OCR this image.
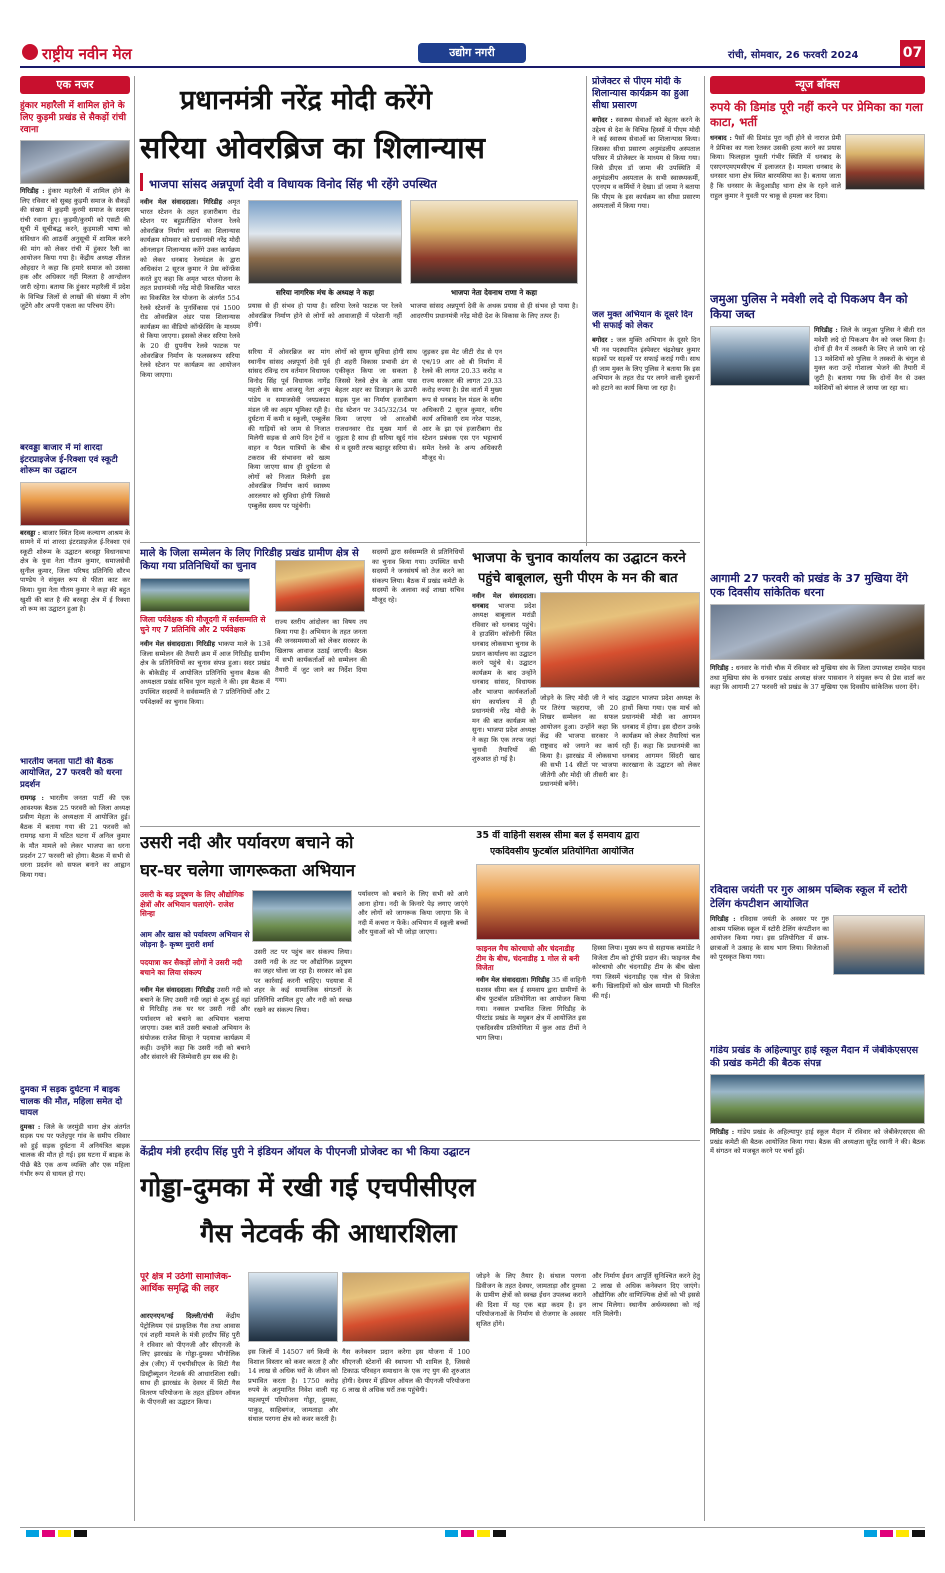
राष्ट्रीय नवीन मेल	उद्योग नगरी	रांची, सोमवार, 26 फरवरी 2024	07
एक नजर
हुंकार महारैली में शामिल होने के लिए कुड़मी प्रखंड से सैकड़ों रांची रवाना
गिरिडीह : हुंकार महारैली में शामिल होने के लिए रविवार को सुबह कुड़मी समाज के सैकड़ों की संख्या में कुड़मी कुरमी समाज के सदस्य रांची रवाना हुए। कुड़मी/कुरमी को एसटी की सूची में सूचीबद्ध करने, कुड़माली भाषा को संविधान की आठवीं अनुसूची में शामिल करने की मांग को लेकर रांची में हुंकार रैली का आयोजन किया गया है। केंद्रीय अध्यक्ष शीतल ओहदार ने कहा कि हमारे समाज को उसका हक और अधिकार नहीं मिलता है आन्दोलन जारी रहेगा। बताया कि हुंकार महारैली में प्रदेश के विभिन्न जिलों से लाखों की संख्या में लोग जुटेंगे और अपनी एकता का परिचय देंगे।
बरवड्डा बाजार में मां शारदा इंटरप्राइजेज ई-रिक्शा एवं स्कूटी शोरूम का उद्घाटन
बरवड्डा : बाजार स्थित दिव्य कल्याण आश्रम के सामने में मां शारदा इंटरप्राइजेज ई-रिक्शा एवं स्कूटी शोरूम के उद्घाटन बरवड्डा विधानसभा क्षेत्र के युवा नेता गौतम कुमार, समाजसेवी सुनील कुमार, जिला परिषद प्रतिनिधि सौरभ पाण्डेय ने संयुक्त रूप से फीता काट कर किया। युवा नेता गौतम कुमार ने कहा की बहुत खुशी की बात है की बरवड्डा क्षेत्र में ई रिक्शा शो रूम का उद्घाटन हुआ है।
भारतीय जनता पार्टी की बैठक आयोजित, 27 फरवरी को धरना प्रदर्शन
रामगढ़ : भारतीय जनता पार्टी की एक आवश्यक बैठक 25 फरवरी को जिला अध्यक्ष प्रवीण मेहता के अध्यक्षता में आयोजित हुई। बैठक में बताया गया की 21 फरवरी को रामगढ़ थाना में घटित घटना में अनिल कुमार के मौत मामले को लेकर भाजपा का धरना प्रदर्शन 27 फरवरी को होगा। बैठक में सभी से धरना प्रदर्शन को सफल बनाने का आह्वान किया गया।
दुमका में सड़क दुर्घटना में बाइक चालक की मौत, महिला समेत दो घायल
दुमका : जिले के जरमुंडी थाना क्षेत्र अंतर्गत सड़क पथ पर फतेहपुर गांव के समीप रविवार को हुई सड़क दुर्घटना में अनियंत्रित बाइक चालक की मौत हो गई। इस घटना में बाइक के पीछे बैठे एक अन्य व्यक्ति और एक महिला गंभीर रूप से घायल हो गए।
प्रधानमंत्री नरेंद्र मोदी करेंगे
सरिया ओवरब्रिज का शिलान्यास
भाजपा सांसद अन्नपूर्णा देवी व विधायक विनोद सिंह भी रहेंगे उपस्थित
नवीन मेल संवाददाता। गिरिडीह अमृत भारत स्टेशन के तहत हजारीबाग रोड स्टेशन पर बहुप्रतीक्षित योजना रेलवे ओवरब्रिज निर्माण कार्य का शिलान्यास कार्यक्रम सोमवार को प्रधानमंत्री नरेंद्र मोदी ऑनलाइन शिलान्यास करेंगे उक्त कार्यक्रम को लेकर धनबाद रेलमंडल के द्वारा अधिकांश 2 सूरज कुमार ने प्रेस कॉन्फ्रेंस करते हुए कहा कि अमृत भारत योजना के तहत प्रधानमंत्री नरेंद्र मोदी विकसित भारत का विकसित रेल योजना के अंतर्गत 554 रेलवे स्टेशनों के पुनर्विकास एवं 1500 रोड ओवरब्रिज अंडर पास शिलान्यास कार्यक्रम का वीडियो कॉन्फ्रेंसिंग के माध्यम से किया जाएगा। इसको लेकर सरिया रेलवे के 20 दी ग्रुपनीय रेलवे फाटक पर ओवरब्रिज निर्माण के फलस्वरूप सरिया रेलवे स्टेशन पर कार्यक्रम का आयोजन किया जाएगा।
सरिया नागरिक मंच के अध्यक्ष ने कहा	भाजपा नेता देवनाथ राणा ने कहा
प्रयास से ही संभव हो पाया है। सरिया रेलवे फाटक पर रेलवे ओवरब्रिज निर्माण होने से लोगों को आवाजाही में परेशानी नहीं होगी।
भाजपा सांसद अन्नपूर्णा देवी के अथक प्रयास से ही संभव हो पाया है। आदरणीय प्रधानमंत्री नरेंद्र मोदी देश के विकास के लिए तत्पर हैं।
सरिया में ओवरब्रिज का मांग स्थानीय सांसद अन्नपूर्णा देवी पूर्व सांसद रविन्द्र राय वर्तमान विधायक विनोद सिंह पूर्व विधायक नागेंद्र महतो के साथ आजसू नेता अनूप पांडेय व समाजसेवी जयप्रकाश मंडल जी का अहम भूमिका रही है। दुर्घटना में कमी व स्कूली, एम्बुलेंस की गाड़ियों को जाम से निजात मिलेगी सड़क से आये दिन ट्रेनों व वाहन व पैदल यात्रियों के बीच टकराव की संभावना को खत्म किया जाएगा साथ ही दुर्घटना से लोगों को निजात मिलेगी इस ओवरब्रिज निर्माण कार्य स्वास्थ्य आरलयार को सुविधा होगी जिससे एम्बुलेंस समय पर पहुंचेगी।
लोगों को सुगम सुविधा होगी साथ ही शहरी विकास प्रभावी ढंग से एकीकृत किया जा सकता है जिससे रेलवे क्षेत्र के आस पास बेहतर शहर का डिजाइन के ऊपरी सड़क पुल का निर्माण हजारीबाग रोड स्टेशन पर 345/32/34 पर किया जाएगा जो आरओबी राजधनवार रोड मुख्य मार्ग से जुड़ता है साथ ही सरिया खुर्द गांव से व दूसरी तरफ बहादुर सरिया से।
जुड़कर इस मेट जीटी रोड से एन एच/19 आर ओ बी निर्माण में रेलवे की लागत 20.33 करोड़ व राज्य सरकार की लागत 29.33 करोड़ रुपया है। प्रेस वार्ता में मुख्य रूप से धनबाद रेल मंडल के वरीय अधिकारी 2 सूरज कुमार, वरीय कार्य अधिकारी राम नरेश पाठक, आर के झा एवं हजारीबाग रोड स्टेशन प्रबंधक एस एन भट्टाचार्य समेत रेलवे के अन्य अधिकारी मौजूद थे।
प्रोजेक्टर से पीएम मोदी के शिलान्यास कार्यक्रम का हुआ सीधा प्रसारण
बगोदर : स्वास्थ्य सेवाओं को बेहतर करने के उद्देश्य से देश के विभिन्न हिस्सों में पीएम मोदी ने कई स्वास्थ्य सेवाओं का शिलान्यास किया। जिसका सीधा प्रसारण अनुमंडलीय अस्पताल परिसर में प्रोजेक्टर के माध्यम से किया गया। जिसे डीएस डॉ जामा की उपस्थिति में अनुमंडलीय अस्पताल के सभी स्वास्थ्यकर्मी, एएनएम व कर्मियों ने देखा। डॉ जामा ने बताया कि पीएम के इस कार्यक्रम का सीधा प्रसारण अस्पतालों में किया गया।
जल मुक्त अभियान के दूसरे दिन भी सफाई को लेकर
बगोदर : जल मुक्ति अभियान के दूसरे दिन भी नव पदस्थापित इंस्पेक्टर चंद्रशेखर कुमार सड़कों पर सड़कों पर सफाई कराई गयी। साथ ही जाम मुक्त के लिए पुलिस ने बताया कि इस अभियान के तहत रोड पर लगने वाली दुकानों को हटाने का कार्य किया जा रहा है।
माले के जिला सम्मेलन के लिए गिरिडीह प्रखंड ग्रामीण क्षेत्र से किया गया प्रतिनिधियों का चुनाव
जिला पर्यवेक्षक की मौजूदगी में सर्वसम्मति से चुने गए 7 प्रतिनिधि और 2 पर्यवेक्षक
नवीन मेल संवाददाता। गिरिडीह भाकपा माले के 13वें जिला सम्मेलन की तैयारी क्रम में आज गिरिडीह ग्रामीण क्षेत्र के प्रतिनिधियों का चुनाव संपन्न हुआ। सदर प्रखंड के बोकेडीह में आयोजित प्रतिनिधि चुनाव बैठक की अध्यक्षता प्रखंड सचिव पूरन महतो ने की। इस बैठक में उपस्थित सदस्यों ने सर्वसम्मति से 7 प्रतिनिधियों और 2 पर्यवेक्षकों का चुनाव किया।
राज्य स्तरीय आंदोलन का विषय तय किया गया है। अभियान के तहत जनता की जनसमस्याओं को लेकर सरकार के खिलाफ आवाज उठाई जाएगी। बैठक में सभी कार्यकर्ताओं को सम्मेलन की तैयारी में जुट जाने का निर्देश दिया गया।
सदस्यों द्वारा सर्वसम्मति से प्रतिनिधियों का चुनाव किया गया। उपस्थित सभी सदस्यों ने जनसंघर्ष को तेज करने का संकल्प लिया। बैठक में प्रखंड कमेटी के सदस्यों के अलावा कई शाखा सचिव मौजूद रहे।
भाजपा के चुनाव कार्यालय का उद्घाटन करने
पहुंचे बाबूलाल, सुनी पीएम के मन की बात
नवीन मेल संवाददाता। धनबाद भाजपा प्रदेश अध्यक्ष बाबूलाल मरांडी रविवार को धनबाद पहुंचे। वे हाउसिंग कॉलोनी स्थित धनबाद लोकसभा चुनाव के प्रधान कार्यालय का उद्घाटन करने पहुंचे थे। उद्घाटन कार्यक्रम के बाद उन्होंने धनबाद सांसद, विधायक और भाजपा कार्यकर्ताओं संग कार्यालय में ही प्रधानमंत्री नरेंद्र मोदी के मन की बात कार्यक्रम को सुना। भाजपा प्रदेश अध्यक्ष ने कहा कि एक तरफ जहां चुनावी तैयारियों की शुरुआत हो गई है।
जोड़ने के लिए मोदी जी ने चांद पर तिरंगा फहराया, जी 20 शिखर सम्मेलन का सफल आयोजन हुआ। उन्होंने कहा कि केंद्र की भाजपा सरकार ने राष्ट्रवाद को जगाने का कार्य किया है। झारखंड में लोकसभा की सभी 14 सीटों पर भाजपा जीतेगी और मोदी जी तीसरी बार प्रधानमंत्री बनेंगे।
उद्घाटन भाजपा प्रदेश अध्यक्ष के हाथों किया गया। एक मार्च को प्रधानमंत्री मोदी का आगमन धनबाद में होगा। इस दौरान उनके कार्यक्रम को लेकर तैयारियां चल रही हैं। कहा कि प्रधानमंत्री का धनबाद आगमन सिंदरी खाद कारखाना के उद्घाटन को लेकर है।
उसरी नदी और पर्यावरण बचाने को
घर-घर चलेगा जागरूकता अभियान
उसरी के बढ़ प्रदूषण के लिए औद्योगिक क्षेत्रों और अभियान चलाएंगे- राजेश सिन्हा
आम और खास को पर्यावरण अभियान से जोड़ना है- कृष्ण मुरारी शर्मा
पदयात्रा कर सैकड़ों लोगों ने उसरी नदी बचाने का लिया संकल्प
नवीन मेल संवाददाता। गिरिडीह उसरी नदी को बचाने के लिए उसरी नदी जहां से शुरू हुई वहां से गिरिडीह तक घर घर उसरी नदी और पर्यावरण को बचाने का अभियान चलाया जाएगा। उक्त बातें उसरी बचाओ अभियान के संयोजक राजेश सिन्हा ने पदयात्रा कार्यक्रम में कही। उन्होंने कहा कि उसरी नदी को बचाने और संवारने की जिम्मेवारी हम सब की है।
उसरी तट पर पहुंच कर संकल्प लिया। उसरी नदी के तट पर औद्योगिक प्रदूषण का जहर घोला जा रहा है। सरकार को इस पर कार्रवाई करनी चाहिए। पदयात्रा में शहर के कई सामाजिक संगठनों के प्रतिनिधि शामिल हुए और नदी को स्वच्छ रखने का संकल्प लिया।
पर्यावरण को बचाने के लिए सभी को आगे आना होगा। नदी के किनारे पेड़ लगाए जाएंगे और लोगों को जागरूक किया जाएगा कि वे नदी में कचरा न फेंकें। अभियान में स्कूली बच्चों और युवाओं को भी जोड़ा जाएगा।
35 वीं वाहिनी सशस्त्र सीमा बल ई समवाय द्वारा
एकदिवसीय फुटबॉल प्रतियोगिता आयोजित
फाइनल मैच कोरचाघो और चंदनाडीह टीम के बीच, चंदनाडीह 1 गोल से बनी विजेता
नवीन मेल संवाददाता। गिरिडीह 35 वीं वाहिनी सशस्त्र सीमा बल ई समवाय द्वारा ग्रामीणों के बीच फुटबॉल प्रतियोगिता का आयोजन किया गया। नक्सल प्रभावित जिला गिरिडीह के पीरटांड प्रखंड के मधुबन क्षेत्र में आयोजित इस एकदिवसीय प्रतियोगिता में कुल आठ टीमों ने भाग लिया।
हिस्सा लिया। मुख्य रूप से सहायक कमांडेंट ने विजेता टीम को ट्रॉफी प्रदान की। फाइनल मैच कोरचाघो और चंदनाडीह टीम के बीच खेला गया जिसमें चंदनाडीह एक गोल से विजेता बनी। खिलाड़ियों को खेल सामग्री भी वितरित की गई।
केंद्रीय मंत्री हरदीप सिंह पुरी ने इंडियन ऑयल के पीएनजी प्रोजेक्ट का भी किया उद्घाटन
गोड्डा-दुमका में रखी गई एचपीसीएल
गैस नेटवर्क की आधारशिला
पूरे क्षेत्र में उठेगी सामाजिक-आर्थिक समृद्धि की लहर
आरएनएन/नई दिल्ली/रांची केंद्रीय पेट्रोलियम एवं प्राकृतिक गैस तथा आवास एवं शहरी मामले के मंत्री हरदीप सिंह पुरी ने रविवार को पीएनजी और सीएनजी के लिए झारखंड के गोड्डा-दुमका भौगोलिक क्षेत्र (जीए) में एचपीसीएल के सिटी गैस डिस्ट्रीब्यूशन नेटवर्क की आधारशिला रखी। साथ ही झारखंड के देवघर में सिटी गैस वितरण परियोजना के तहत इंडियन ऑयल के पीएनजी का उद्घाटन किया।
इस जिलों में 14507 वर्ग किमी के विशाल विस्तार को कवर करता है और 14 लाख से अधिक घरों के जीवन को प्रभावित करता है। 1750 करोड़ रुपये के अनुमानित निवेश वाली यह महत्वपूर्ण परियोजना गोड्डा, दुमका, पाकुड़, साहिबगंज, जामताड़ा और संथाल परगना क्षेत्र को कवर करती है।
गैस कनेक्शन प्रदान करेगा इस योजना में 100 सीएनजी स्टेशनों की स्थापना भी शामिल है, जिससे टिकाऊ परिवहन समाधान के एक नए युग की शुरुआत होगी। देवघर में इंडियन ऑयल की पीएनजी परियोजना 6 लाख से अधिक घरों तक पहुंचेगी।
जोड़ने के लिए तैयार है। संथाल परगना डिवीजन के तहत देवघर, जामताड़ा और दुमका के ग्रामीण क्षेत्रों को स्वच्छ ईंधन उपलब्ध कराने की दिशा में यह एक बड़ा कदम है। इन परियोजनाओं के निर्माण से रोजगार के अवसर सृजित होंगे।
और निर्माण ईंधन आपूर्ति सुनिश्चित करने हेतु 2 लाख से अधिक कनेक्शन दिए जाएंगे। औद्योगिक और वाणिज्यिक क्षेत्रों को भी इससे लाभ मिलेगा। स्थानीय अर्थव्यवस्था को नई गति मिलेगी।
न्यूज बॉक्स
रुपये की डिमांड पूरी नहीं करने पर प्रेमिका का गला काटा, भर्ती
धनबाद : पैसों की डिमांड पूरा नहीं होने से नाराज प्रेमी ने प्रेमिका का गला रेतकर उसकी हत्या करने का प्रयास किया। फिलहाल युवती गंभीर स्थिति में धनबाद के एसएनएमएमसीएच में इलाजरत है। मामला धनबाद के धनसार थाना क्षेत्र स्थित बारमसिया का है। बताया जाता है कि धनसार के केंदुआडीह थाना क्षेत्र के रहने वाले राहुल कुमार ने युवती पर चाकू से हमला कर दिया।
जमुआ पुलिस ने मवेशी लदे दो पिकअप वैन को किया जब्त
गिरिडीह : जिले के जमुआ पुलिस ने बीती रात मवेशी लदे दो पिकअप वैन को जब्त किया है। दोनों ही वैन में तस्करी के लिए ले जाये जा रहे 13 मवेशियों को पुलिस ने तस्करों के चंगुल से मुक्त करा उन्हें गोशाला भेजने की तैयारी में जुटी है। बताया गया कि दोनों वैन से उक्त मवेशियों को बंगाल ले जाया जा रहा था।
आगामी 27 फरवरी को प्रखंड के 37 मुखिया देंगे एक दिवसीय सांकेतिक धरना
गिरिडीह : धनवार के गांधी चौक में रविवार को मुखिया संघ के जिला उपाध्यक्ष रामदेव यादव तथा मुखिया संघ के धनवार प्रखंड अध्यक्ष संजर पासवान ने संयुक्त रूप से प्रेस वार्ता कर कहा कि आगामी 27 फरवरी को प्रखंड के 37 मुखिया एक दिवसीय सांकेतिक धरना देंगे।
रविदास जयंती पर गुरु आश्रम पब्लिक स्कूल में स्टोरी टेलिंग कंपटीशन आयोजित
गिरिडीह : रविदास जयंती के अवसर पर गुरु आश्रम पब्लिक स्कूल में स्टोरी टेलिंग कंपटीशन का आयोजन किया गया। इस प्रतियोगिता में छात्र-छात्राओं ने उत्साह के साथ भाग लिया। विजेताओं को पुरस्कृत किया गया।
गांडेय प्रखंड के अहिल्यापुर हाई स्कूल मैदान में जेबीकेएसएस की प्रखंड कमेटी की बैठक संपन्न
गिरिडीह : गांडेय प्रखंड के अहिल्यापुर हाई स्कूल मैदान में रविवार को जेबीकेएसएस की प्रखंड कमेटी की बैठक आयोजित किया गया। बैठक की अध्यक्षता सुरेंद्र रवानी ने की। बैठक में संगठन को मजबूत करने पर चर्चा हुई।
